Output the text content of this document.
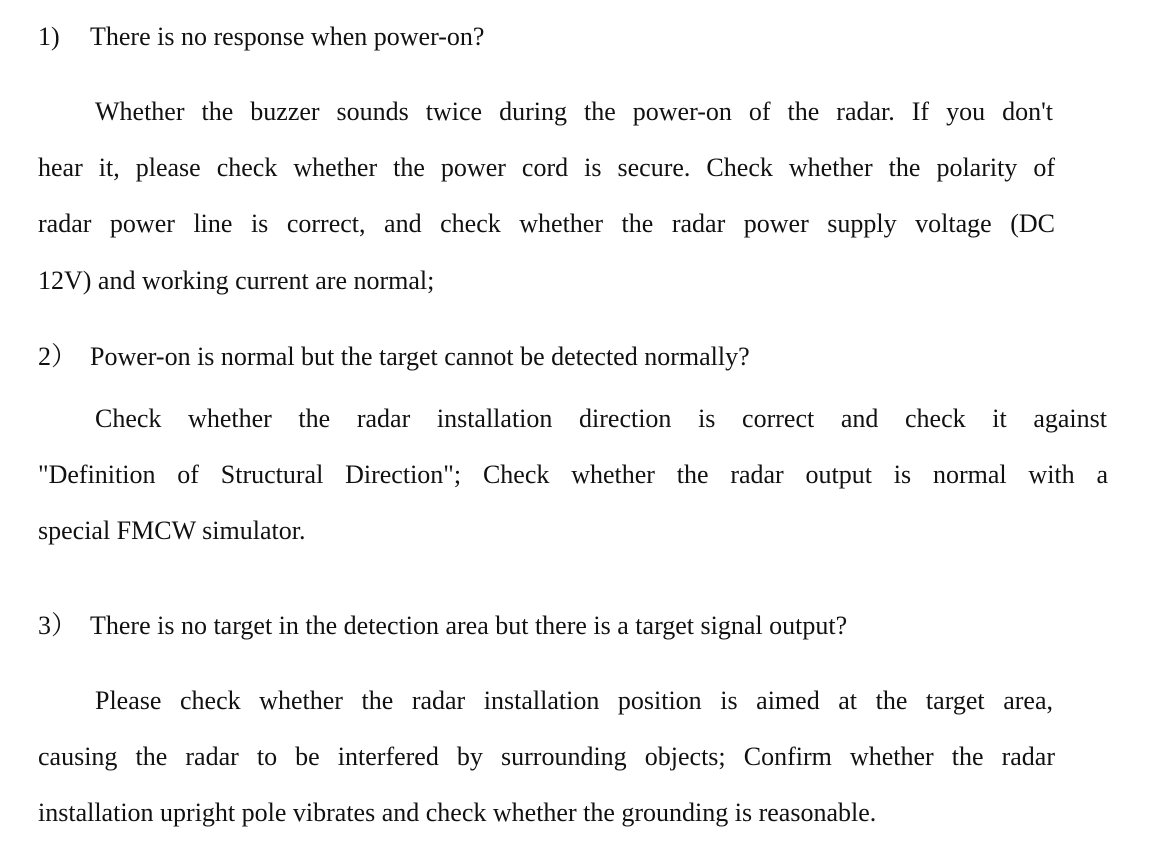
1) There is no response when power-on?
Whether the buzzer sounds twice during the power-on of the radar. If you don't
hear it, please check whether the power cord is secure. Check whether the polarity of
radar power line is correct, and check whether the radar power supply voltage (DC
12V) and working current are normal;
2） Power-on is normal but the target cannot be detected normally?
Check whether the radar installation direction is correct and check it against
"Definition of Structural Direction"; Check whether the radar output is normal with a
special FMCW simulator.
3） There is no target in the detection area but there is a target signal output?
Please check whether the radar installation position is aimed at the target area,
causing the radar to be interfered by surrounding objects; Confirm whether the radar
installation upright pole vibrates and check whether the grounding is reasonable.
